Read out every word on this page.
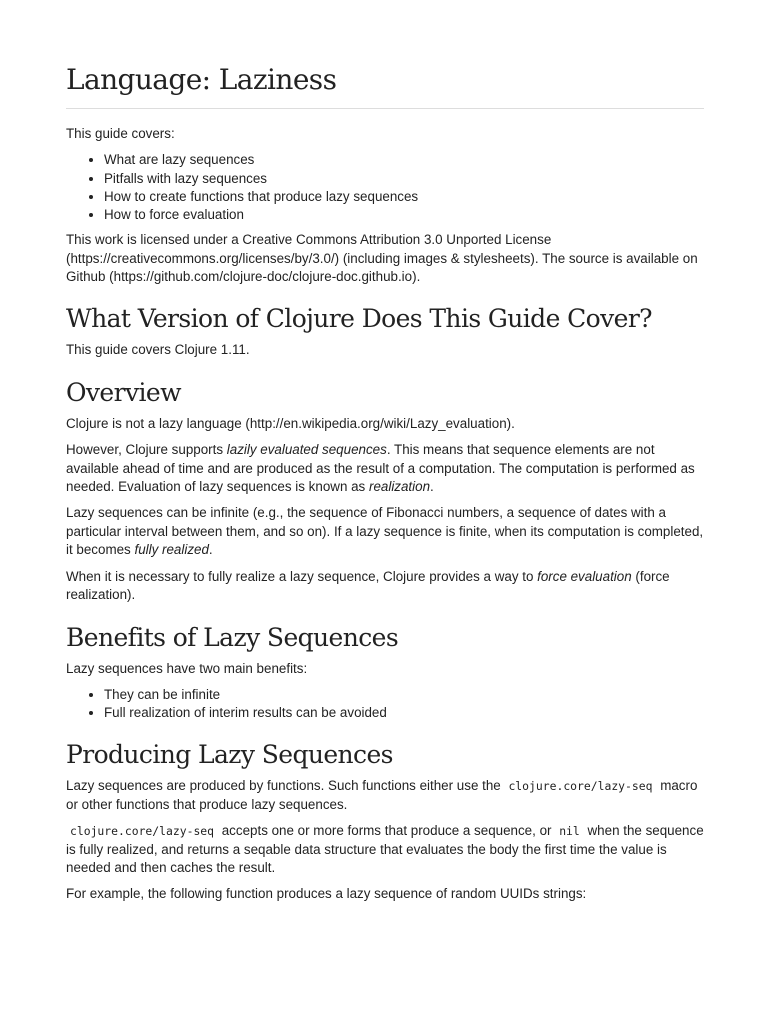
Language: Laziness

This guide covers:

• What are lazy sequences
• Pitfalls with lazy sequences
• How to create functions that produce lazy sequences
• How to force evaluation

This work is licensed under a Creative Commons Attribution 3.0 Unported License (https://creativecommons.org/licenses/by/3.0/) (including images & stylesheets). The source is available on Github (https://github.com/clojure-doc/clojure-doc.github.io).

What Version of Clojure Does This Guide Cover?

This guide covers Clojure 1.11.

Overview

Clojure is not a lazy language (http://en.wikipedia.org/wiki/Lazy_evaluation).

However, Clojure supports lazily evaluated sequences. This means that sequence elements are not available ahead of time and are produced as the result of a computation. The computation is performed as needed. Evaluation of lazy sequences is known as realization.

Lazy sequences can be infinite (e.g., the sequence of Fibonacci numbers, a sequence of dates with a particular interval between them, and so on). If a lazy sequence is finite, when its computation is completed, it becomes fully realized.

When it is necessary to fully realize a lazy sequence, Clojure provides a way to force evaluation (force realization).

Benefits of Lazy Sequences

Lazy sequences have two main benefits:

• They can be infinite
• Full realization of interim results can be avoided
Producing Lazy Sequences

Lazy sequences are produced by functions. Such functions either use the clojure.core/lazy-seq macro or other functions that produce lazy sequences.

clojure.core/lazy-seq accepts one or more forms that produce a sequence, or nil when the sequence is fully realized, and returns a seqable data structure that evaluates the body the first time the value is needed and then caches the result.

For example, the following function produces a lazy sequence of random UUIDs strings:
